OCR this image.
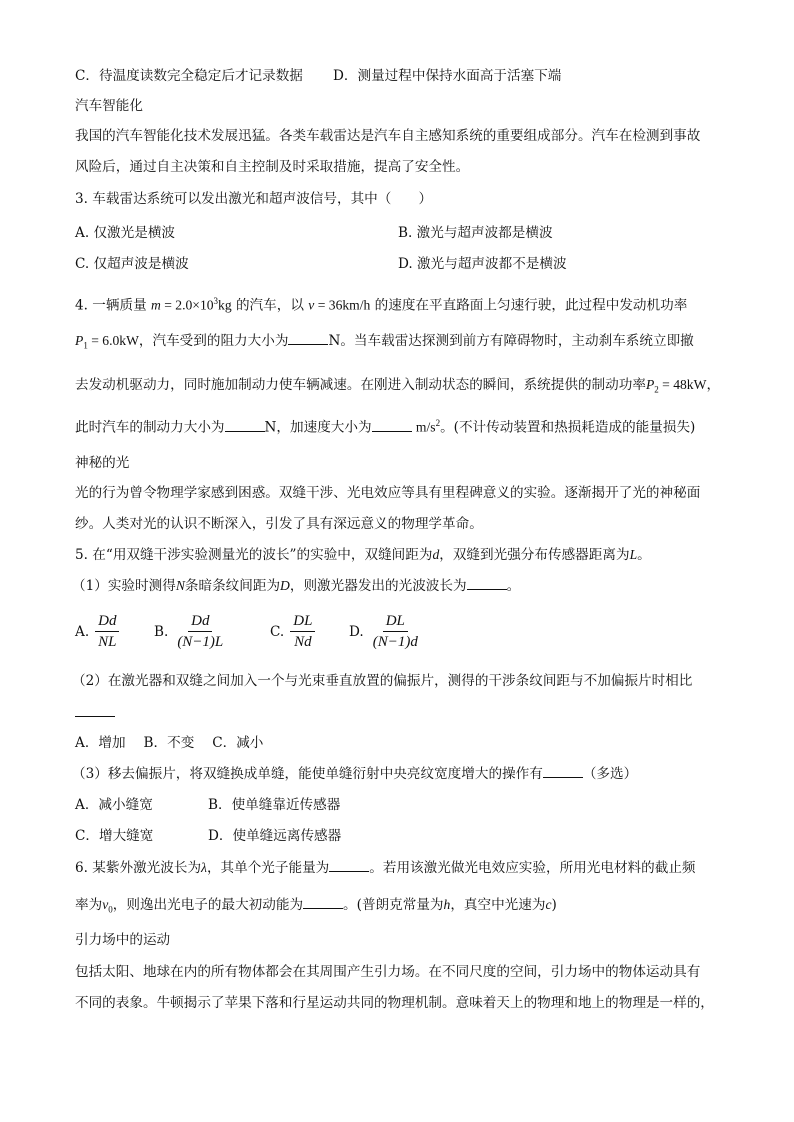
C．待温度读数完全稳定后才记录数据 D．测量过程中保持水面高于活塞下端
汽车智能化
我国的汽车智能化技术发展迅猛。各类车载雷达是汽车自主感知系统的重要组成部分。汽车在检测到事故
风险后，通过自主决策和自主控制及时采取措施，提高了安全性。
3. 车载雷达系统可以发出激光和超声波信号，其中（　　）
A. 仅激光是横波	B. 激光与超声波都是横波
C. 仅超声波是横波	D. 激光与超声波都不是横波
4. 一辆质量 $m = 2.0\times 10^3kg$ 的汽车，以 v = 36km/h 的速度在平直路面上匀速行驶，此过程中发动机功率
$P_1 = 6.0kW$，汽车受到的阻力大小为	N。当车载雷达探测到前方有障碍物时，主动刹车系统立即撤
去发动机驱动力，同时施加制动力使车辆减速。在刚进入制动状态的瞬间，系统提供的制动功率$P_2 = 48kW$，
此时汽车的制动力大小为	N，加速度大小为	$m/s^2$。(不计传动装置和热损耗造成的能量损失)
神秘的光
光的行为曾令物理学家感到困惑。双缝干涉、光电效应等具有里程碑意义的实验。逐渐揭开了光的神秘面
纱。人类对光的认识不断深入，引发了具有深远意义的物理学革命。
5. 在“用双缝干涉实验测量光的波长”的实验中，双缝间距为d，双缝到光强分布传感器距离为L。
（1）实验时测得N条暗条纹间距为D，则激光器发出的光波波长为	。
A. $\frac{Dd}{NL}$	B. $\frac{Dd}{(N-1)L}$	C. $\frac{DL}{Nd} D$. $\frac{DL}{(N-1)d}$
（2）在激光器和双缝之间加入一个与光束垂直放置的偏振片，测得的干涉条纹间距与不加偏振片时相比
A．增加　 B．不变　 C．减小
（3）移去偏振片，将双缝换成单缝，能使单缝衍射中央亮纹宽度增大的操作有	（多选）
A．减小缝宽	B．使单缝靠近传感器
C．增大缝宽	D．使单缝远离传感器
6. 某紫外激光波长为λ，其单个光子能量为	。若用该激光做光电效应实验，所用光电材料的截止频
率为$\nu_0$，则逸出光电子的最大初动能为	。(普朗克常量为h，真空中光速为c)
引力场中的运动
包括太阳、地球在内的所有物体都会在其周围产生引力场。在不同尺度的空间，引力场中的物体运动具有
不同的表象。牛顿揭示了苹果下落和行星运动共同的物理机制。意味着天上的物理和地上的物理是一样的，
